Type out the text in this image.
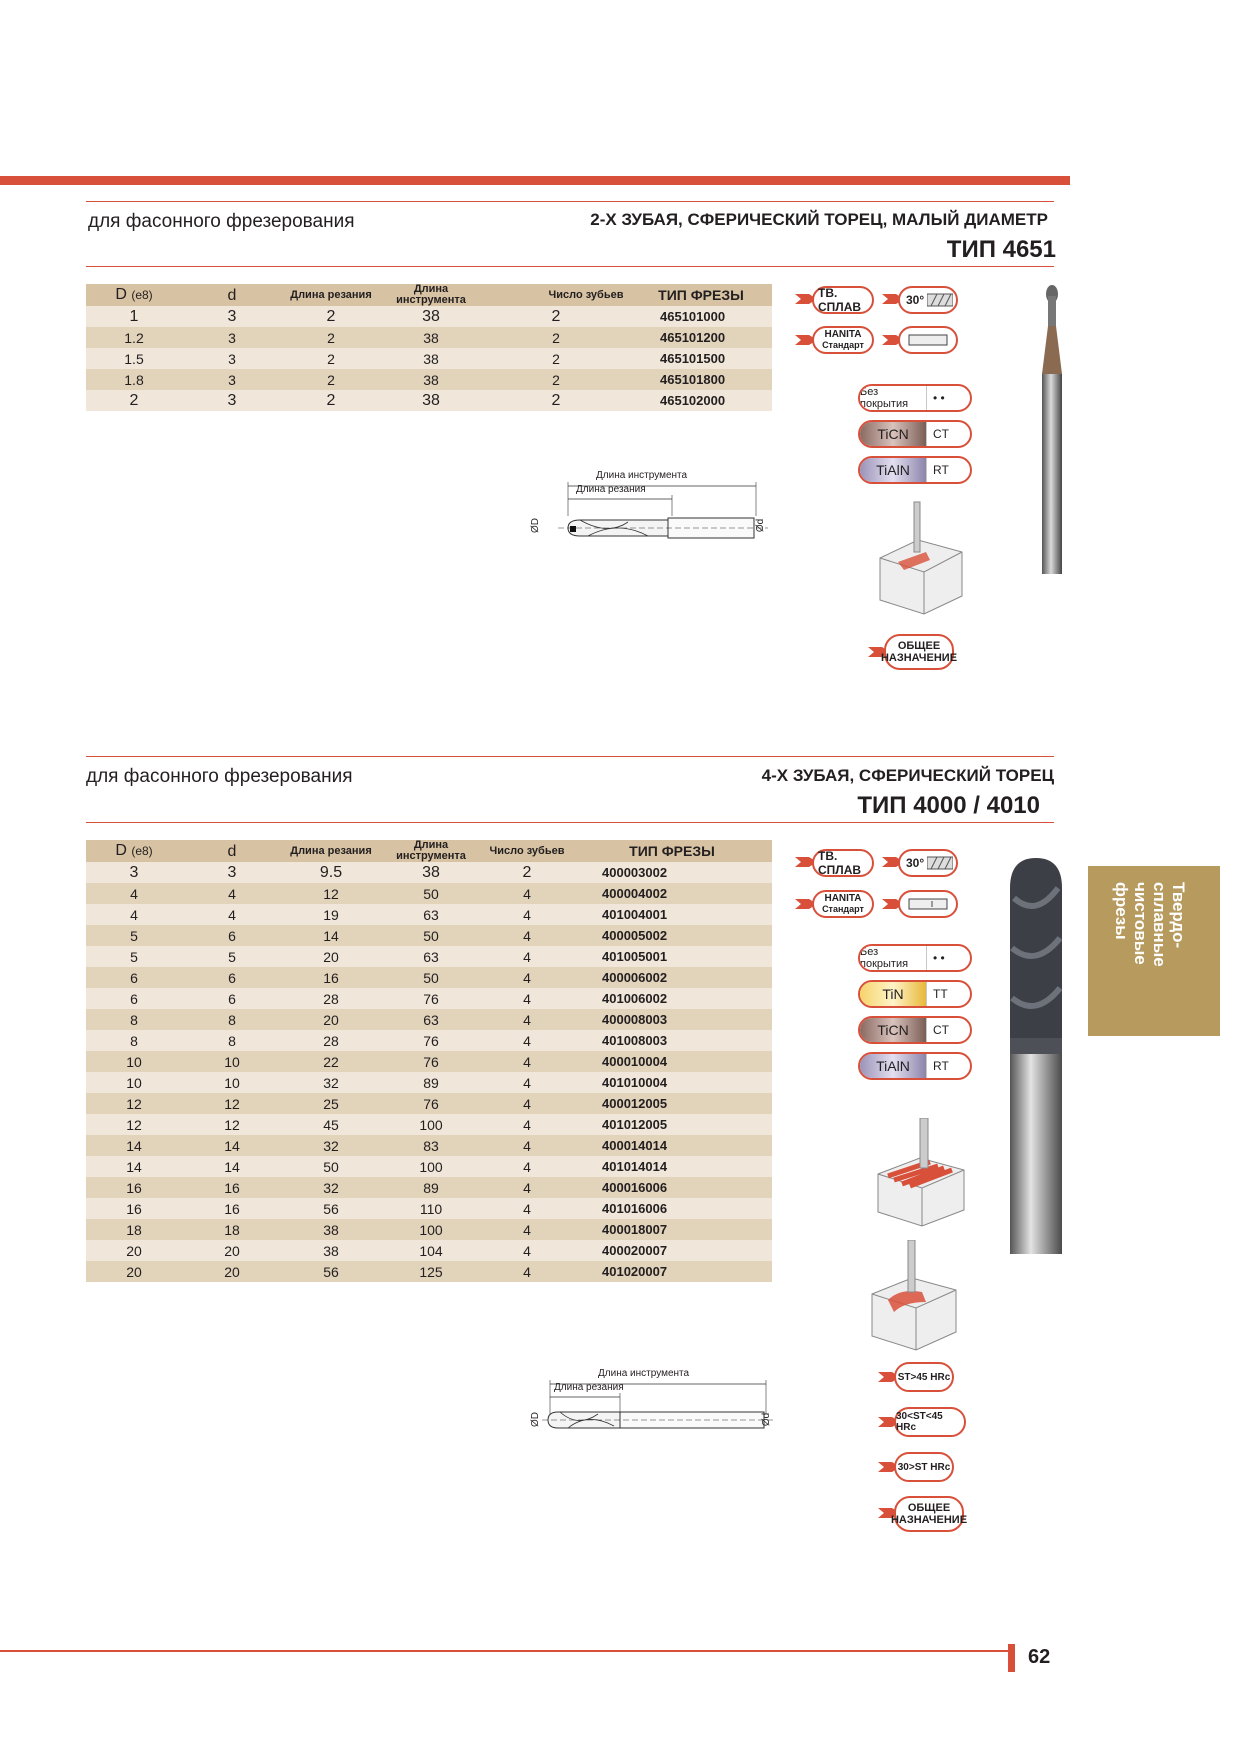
для фасонного фрезерования	2-Х ЗУБАЯ, СФЕРИЧЕСКИЙ ТОРЕЦ, МАЛЫЙ ДИАМЕТР
ТИП 4651
D (e8)	d	Длина резания	Длина инструмента	Число зубьев	ТИП ФРЕЗЫ
1	3	2	38	2	465101000
1.2	3	2	38	2	465101200
1.5	3	2	38	2	465101500
1.8	3	2	38	2	465101800
2	3	2	38	2	465102000
ТВ. СПЛАВ	30°
HANITA
Стандарт
Без покрытия	• •
TiCN	CT
TiAlN	RT
ОБЩЕЕ
НАЗНАЧЕНИЕ
Длина инструмента
Длина резания
ØD	Ød
для фасонного фрезерования	4-Х ЗУБАЯ, СФЕРИЧЕСКИЙ ТОРЕЦ
ТИП 4000 / 4010
D (e8)	d	Длина резания	Длина инструмента	Число зубьев	ТИП ФРЕЗЫ
3	3	9.5	38	2	400003002
4	4	12	50	4	400004002
4	4	19	63	4	401004001
5	6	14	50	4	400005002
5	5	20	63	4	401005001
6	6	16	50	4	400006002
6	6	28	76	4	401006002
8	8	20	63	4	400008003
8	8	28	76	4	401008003
10	10	22	76	4	400010004
10	10	32	89	4	401010004
12	12	25	76	4	400012005
12	12	45	100	4	401012005
14	14	32	83	4	400014014
14	14	50	100	4	401014014
16	16	32	89	4	400016006
16	16	56	110	4	401016006
18	18	38	100	4	400018007
20	20	38	104	4	400020007
20	20	56	125	4	401020007
ТВ. СПЛАВ	30°
HANITA
Стандарт
Без покрытия	• •
TiN	TT
TiCN	CT
TiAlN	RT
ST>45 HRc
30<ST<45 HRc
30>ST HRc
ОБЩЕЕ
НАЗНАЧЕНИЕ
Длина инструмента
Длина резания
ØD	Ød
Твердо-
сплавные
чистовые
фрезы
62
